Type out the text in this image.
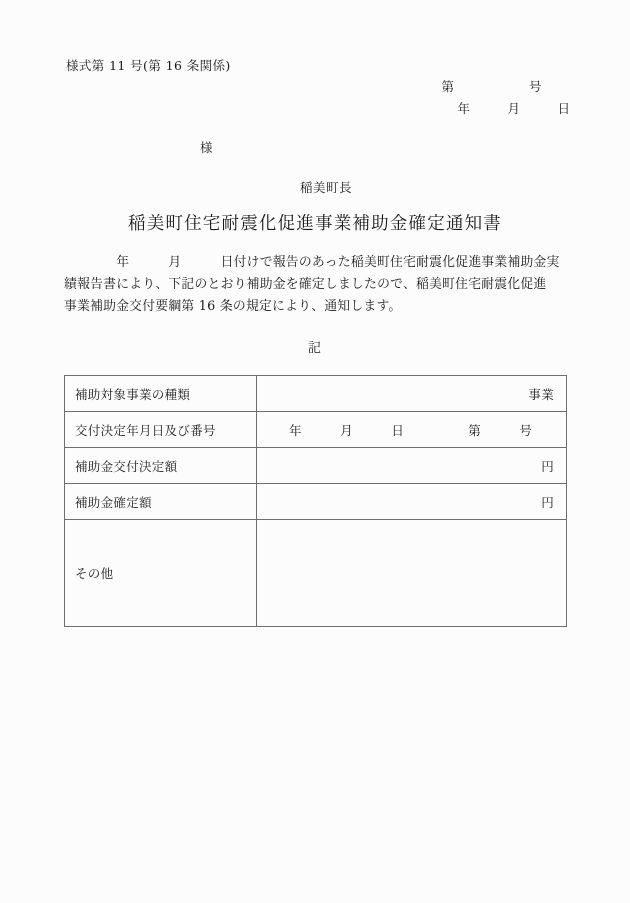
様式第 11 号(第 16 条関係)
第　　　　　　号
年　　　月　　　日
様
稲美町長
稲美町住宅耐震化促進事業補助金確定通知書
　　　　年　　　月　　　日付けで報告のあった稲美町住宅耐震化促進事業補助金実
績報告書により、下記のとおり補助金を確定しましたので、稲美町住宅耐震化促進
事業補助金交付要綱第 16 条の規定により、通知します。
記
補助対象事業の種類	事業
交付決定年月日及び番号	年　　　月　　　日　　　　　第　　　号
補助金交付決定額	円
補助金確定額	円
その他	
